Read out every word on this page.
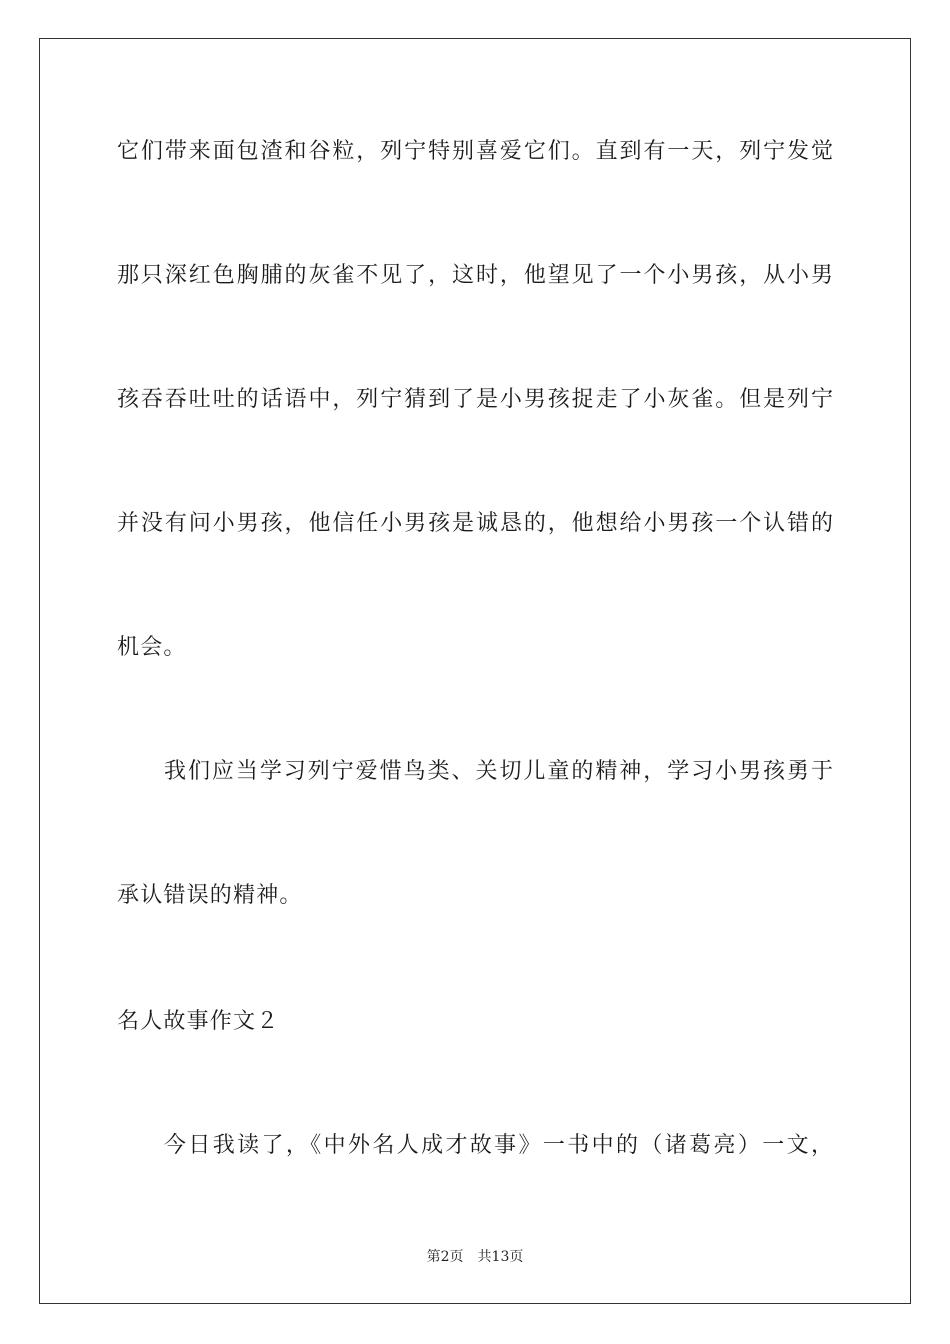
它们带来面包渣和谷粒，列宁特别喜爱它们。直到有一天，列宁发觉
那只深红色胸脯的灰雀不见了，这时，他望见了一个小男孩，从小男
孩吞吞吐吐的话语中，列宁猜到了是小男孩捉走了小灰雀。但是列宁
并没有问小男孩，他信任小男孩是诚恳的，他想给小男孩一个认错的
机会。
我们应当学习列宁爱惜鸟类、关切儿童的精神，学习小男孩勇于
承认错误的精神。
名人故事作文２
今日我读了，《中外名人成才故事》一书中的（诸葛亮）一文，
第2页 共13页
